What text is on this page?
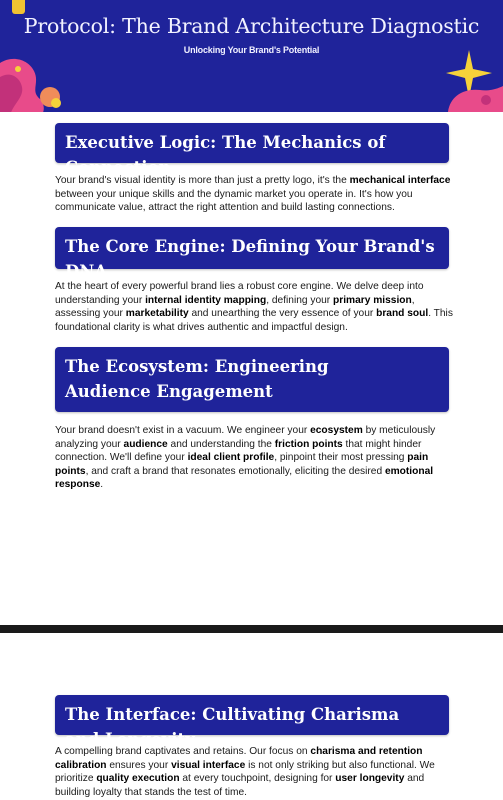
Protocol: The Brand Architecture Diagnostic
Unlocking Your Brand's Potential
Executive Logic: The Mechanics of Connection
Your brand's visual identity is more than just a pretty logo, it's the mechanical interface between your unique skills and the dynamic market you operate in. It's how you communicate value, attract the right attention and build lasting connections.
The Core Engine: Defining Your Brand's DNA
At the heart of every powerful brand lies a robust core engine. We delve deep into understanding your internal identity mapping, defining your primary mission, assessing your marketability and unearthing the very essence of your brand soul. This foundational clarity is what drives authentic and impactful design.
The Ecosystem: Engineering Audience Engagement
Your brand doesn't exist in a vacuum. We engineer your ecosystem by meticulously analyzing your audience and understanding the friction points that might hinder connection. We'll define your ideal client profile, pinpoint their most pressing pain points, and craft a brand that resonates emotionally, eliciting the desired emotional response.
The Interface: Cultivating Charisma and Longevity
A compelling brand captivates and retains. Our focus on charisma and retention calibration ensures your visual interface is not only striking but also functional. We prioritize quality execution at every touchpoint, designing for user longevity and building loyalty that stands the test of time.
